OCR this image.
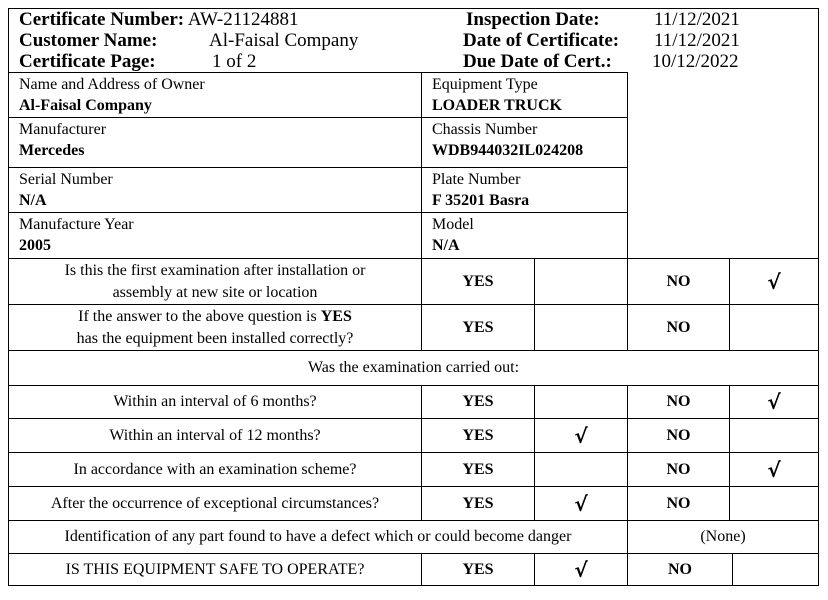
Certificate Number: AW-21124881
Customer Name:	Al-Faisal Company
Certificate Page:	1 of 2
Inspection Date:	11/12/2021
Date of Certificate: 11/12/2021
Due Date of Cert.: 10/12/2022
Name and Address of Owner
Al-Faisal Company
Equipment Type
LOADER TRUCK
Manufacturer
Mercedes
Chassis Number
WDB944032IL024208
Serial Number
N/A
Plate Number
F 35201 Basra
Manufacture Year
2005
Model
N/A
Is this the first examination after installation or
assembly at new site or location
YES	NO	√
If the answer to the above question is YES
has the equipment been installed correctly?
YES	NO
Was the examination carried out:
Within an interval of 6 months?	YES	NO	√
Within an interval of 12 months?	YES	√	NO
In accordance with an examination scheme?	YES	NO	√
After the occurrence of exceptional circumstances?	YES	√	NO
Identification of any part found to have a defect which or could become danger	(None)
IS THIS EQUIPMENT SAFE TO OPERATE?	YES	√	NO
